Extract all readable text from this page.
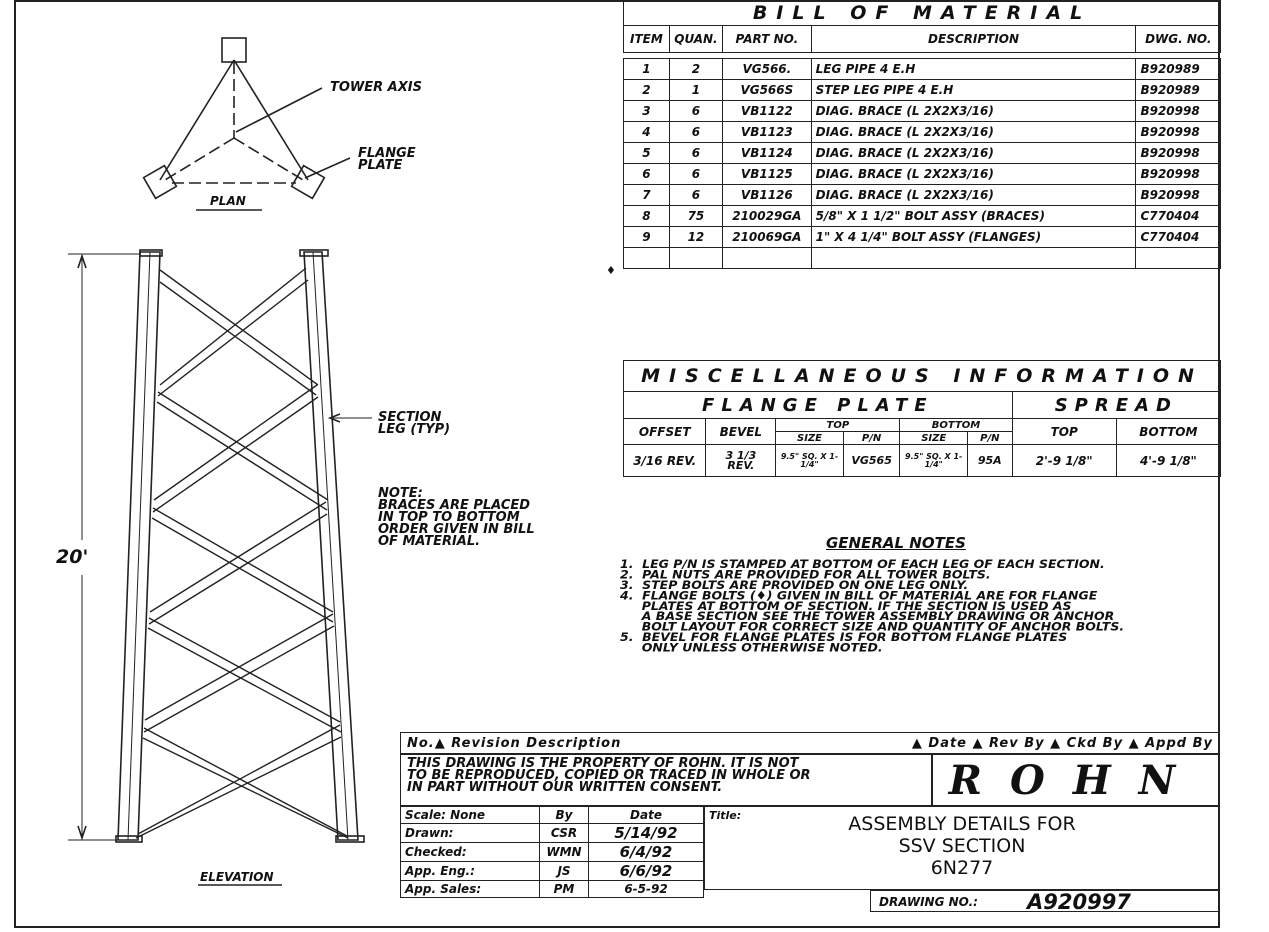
TOWER AXIS
FLANGE PLATE
PLAN
20'
SECTION LEG (TYP)
ELEVATION
NOTE:
BRACES ARE PLACED
IN TOP TO BOTTOM
ORDER GIVEN IN BILL
OF MATERIAL.
BILL OF MATERIAL				
ITEM	QUAN.	PART NO.	DESCRIPTION	DWG. NO.

1	2	VG566.	LEG PIPE 4 E.H	B920989
2	1	VG566S	STEP LEG PIPE 4 E.H	B920989
3	6	VB1122	DIAG. BRACE (L 2X2X3/16)	B920998
4	6	VB1123	DIAG. BRACE (L 2X2X3/16)	B920998
5	6	VB1124	DIAG. BRACE (L 2X2X3/16)	B920998
6	6	VB1125	DIAG. BRACE (L 2X2X3/16)	B920998
7	6	VB1126	DIAG. BRACE (L 2X2X3/16)	B920998
8	75	210029GA	5/8" X 1 1/2" BOLT ASSY (BRACES)	C770404
9	12	210069GA	1" X 4 1/4" BOLT ASSY (FLANGES)	C770404

♦
MISCELLANEOUS INFORMATION							
FLANGE PLATE						SPREAD	
OFFSET	BEVEL	TOP		BOTTOM		TOP	BOTTOM
		SIZE	P/N	SIZE	P/N		
3/16 REV.	3 1/3 REV.	9.5" SQ. X 1-1/4"	VG565	9.5" SQ. X 1-1/4"	95A	2'-9 1/8"	4'-9 1/8"
GENERAL NOTES
1.  LEG P/N IS STAMPED AT BOTTOM OF EACH LEG OF EACH SECTION.
2.  PAL NUTS ARE PROVIDED FOR ALL TOWER BOLTS.
3.  STEP BOLTS ARE PROVIDED ON ONE LEG ONLY.
4.  FLANGE BOLTS (♦) GIVEN IN BILL OF MATERIAL ARE FOR FLANGE
PLATES AT BOTTOM OF SECTION. IF THE SECTION IS USED AS
A BASE SECTION SEE THE TOWER ASSEMBLY DRAWING OR ANCHOR
BOLT LAYOUT FOR CORRECT SIZE AND QUANTITY OF ANCHOR BOLTS.
5.  BEVEL FOR FLANGE PLATES IS FOR BOTTOM FLANGE PLATES
ONLY UNLESS OTHERWISE NOTED.
No.▲ Revision Description	▲ Date ▲ Rev By ▲ Ckd By ▲ Appd By
THIS DRAWING IS THE PROPERTY OF ROHN. IT IS NOT
TO BE REPRODUCED, COPIED OR TRACED IN WHOLE OR
IN PART WITHOUT OUR WRITTEN CONSENT.	ROHN
Scale: None	By	Date
Drawn:	CSR	5/14/92
Checked:	WMN	6/4/92
App. Eng.:	JS	6/6/92
App. Sales:	PM	6-5-92
Title:	ASSEMBLY DETAILS FOR
SSV SECTION
6N277
DRAWING NO.: A920997
